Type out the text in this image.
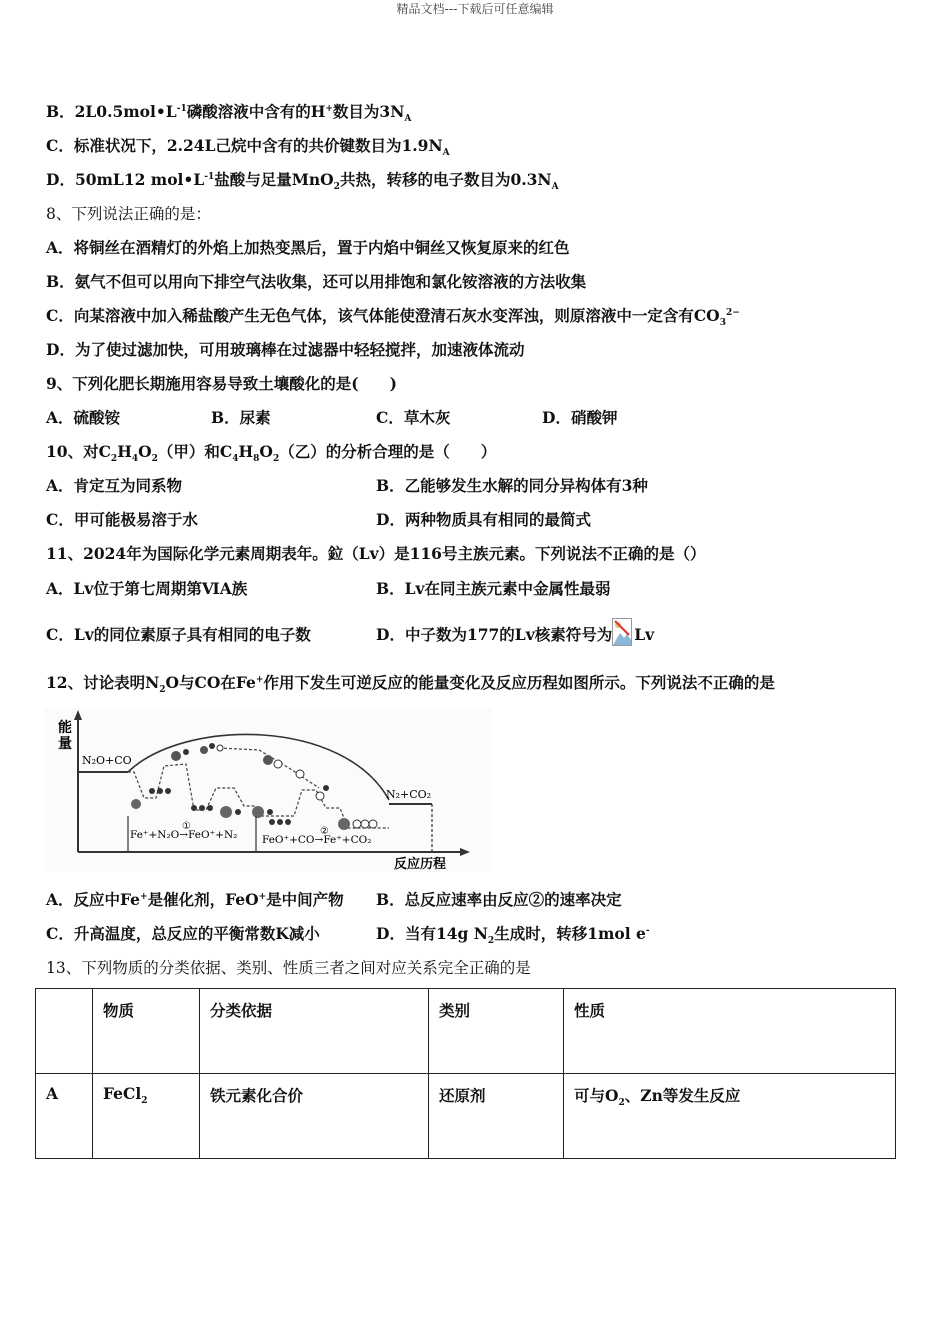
精品文档---下载后可任意编辑
B．$2L0.5mol•L^{-1}$磷酸溶液中含有的H+数目为$3N_A$
C．标准状况下，2.24L己烷中含有的共价键数目为$1.9N_A$
D．50mL12 $mol•L^{-1}$盐酸与足量MnO$_2$共热，转移的电子数目为$0.3N_A$
8、下列说法正确的是：
A．将铜丝在酒精灯的外焰上加热变黑后，置于内焰中铜丝又恢复原来的红色
B．氨气不但可以用向下排空气法收集，还可以用排饱和氯化铵溶液的方法收集
C．向某溶液中加入稀盐酸产生无色气体，该气体能使澄清石灰水变浑浊，则原溶液中一定含有$CO_3^{2-}$
D．为了使过滤加快，可用玻璃棒在过滤器中轻轻搅拌，加速液体流动
9、下列化肥长期施用容易导致土壤酸化的是(　　)
A．硫酸铵	B．尿素	C．草木灰	D．硝酸钾
10、对$C_2H_4O_2$（甲）和$C_4H_8O_2$（乙）的分析合理的是（　　）
A．肯定互为同系物	B．乙能够发生水解的同分异构体有3种
C．甲可能极易溶于水	D．两种物质具有相同的最简式
11、2024年为国际化学元素周期表年。鉝（Lv）是116号主族元素。下列说法不正确的是（）
A．Lv位于第七周期第ⅥA族	B．Lv在同主族元素中金属性最弱
C．Lv的同位素原子具有相同的电子数	D．中子数为177的Lv核素符号为 Lv
12、讨论表明$N_2O$与CO在Fe+作用下发生可逆反应的能量变化及反应历程如图所示。下列说法不正确的是
能
量
N₂O+CO
N₂+CO₂
Fe⁺+N₂O→FeO⁺+N₂
①
FeO⁺+CO→Fe⁺+CO₂
②
反应历程
A．反应中Fe+是催化剂，FeO+是中间产物 B．总反应速率由反应②的速率决定
C．升高温度，总反应的平衡常数K减小	D．当有14g $N_2$生成时，转移1mol e-
13、下列物质的分类依据、类别、性质三者之间对应关系完全正确的是
	物质	分类依据	类别	性质
A	FeCl$_2$	铁元素化合价	还原剂	可与$O_2$、Zn等发生反应
